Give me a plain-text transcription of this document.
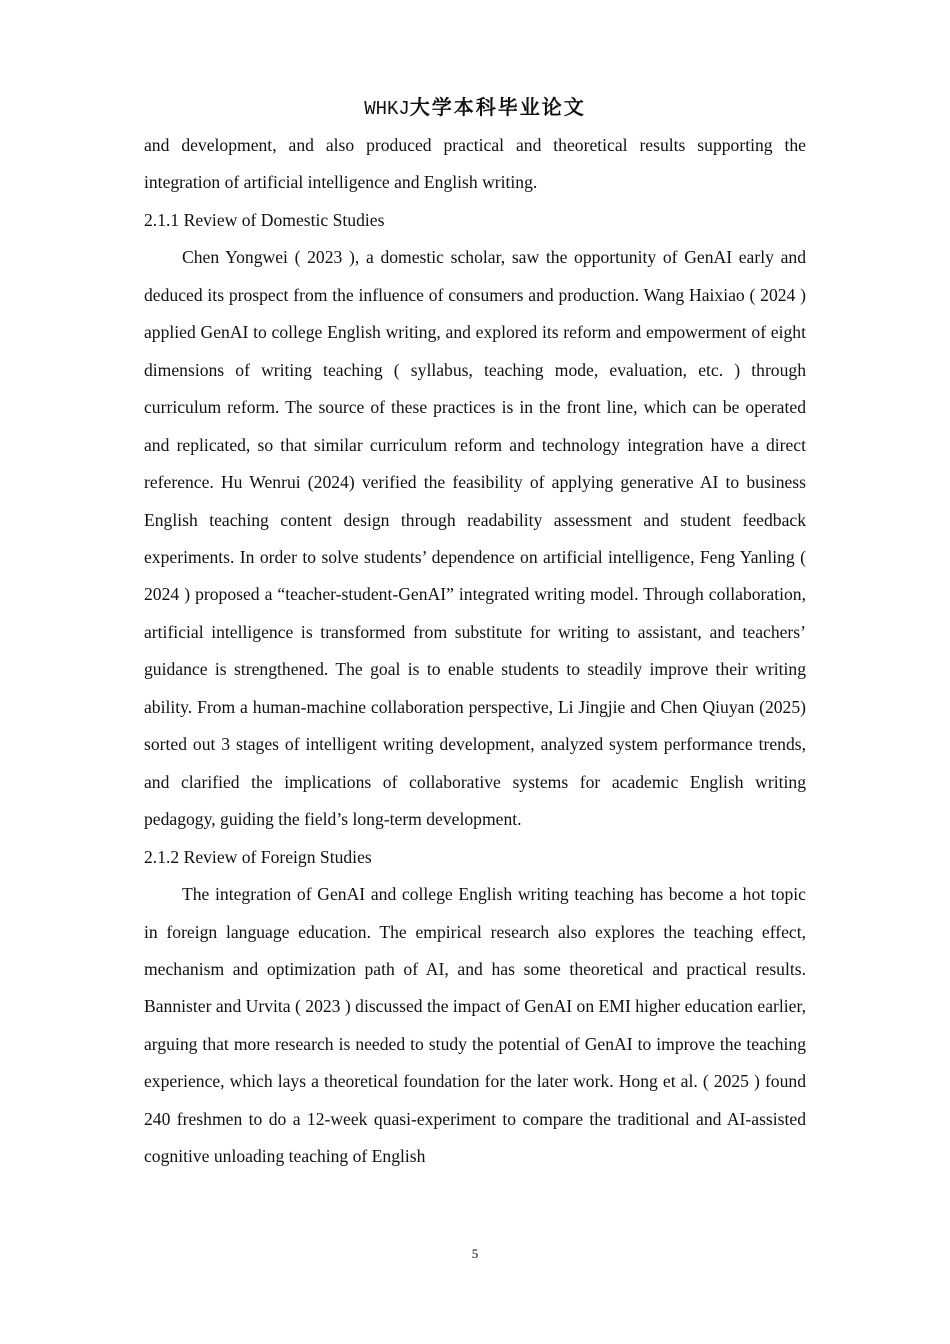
WHKJ大学本科毕业论文

and development, and also produced practical and theoretical results supporting the integration of artificial intelligence and English writing.

2.1.1 Review of Domestic Studies

Chen Yongwei ( 2023 ), a domestic scholar, saw the opportunity of GenAI early and deduced its prospect from the influence of consumers and production. Wang Haixiao ( 2024 ) applied GenAI to college English writing, and explored its reform and empowerment of eight dimensions of writing teaching ( syllabus, teaching mode, evaluation, etc. ) through curriculum reform. The source of these practices is in the front line, which can be operated and replicated, so that similar curriculum reform and technology integration have a direct reference. Hu Wenrui (2024) verified the feasibility of applying generative AI to business English teaching content design through readability assessment and student feedback experiments. In order to solve students’ dependence on artificial intelligence, Feng Yanling ( 2024 ) proposed a “teacher-student-GenAI” integrated writing model. Through collaboration, artificial intelligence is transformed from substitute for writing to assistant, and teachers’ guidance is strengthened. The goal is to enable students to steadily improve their writing ability. From a human-machine collaboration perspective, Li Jingjie and Chen Qiuyan (2025) sorted out 3 stages of intelligent writing development, analyzed system performance trends, and clarified the implications of collaborative systems for academic English writing pedagogy, guiding the field’s long-term development.

2.1.2 Review of Foreign Studies

The integration of GenAI and college English writing teaching has become a hot topic in foreign language education. The empirical research also explores the teaching effect, mechanism and optimization path of AI, and has some theoretical and practical results. Bannister and Urvita ( 2023 ) discussed the impact of GenAI on EMI higher education earlier, arguing that more research is needed to study the potential of GenAI to improve the teaching experience, which lays a theoretical foundation for the later work. Hong et al. ( 2025 ) found 240 freshmen to do a 12-week quasi-experiment to compare the traditional and AI-assisted cognitive unloading teaching of English

5
